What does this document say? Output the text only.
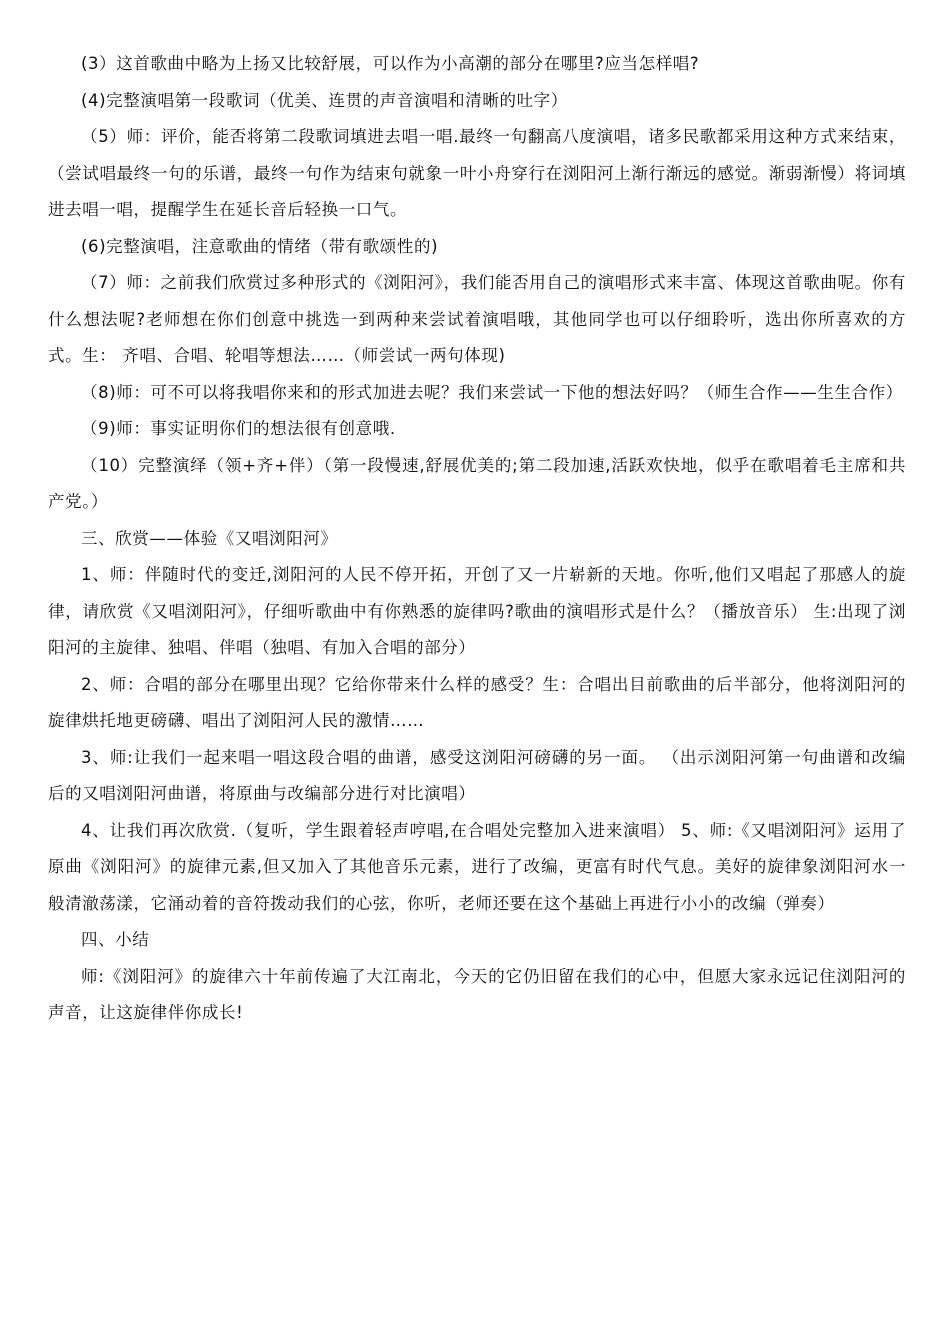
(3）这首歌曲中略为上扬又比较舒展，可以作为小高潮的部分在哪里?应当怎样唱?

(4)完整演唱第一段歌词（优美、连贯的声音演唱和清晰的吐字）

（5）师：评价，能否将第二段歌词填进去唱一唱.最终一句翻高八度演唱，诸多民歌都采用这种方式来结束，（尝试唱最终一句的乐谱，最终一句作为结束句就象一叶小舟穿行在浏阳河上渐行渐远的感觉。渐弱渐慢）将词填进去唱一唱，提醒学生在延长音后轻换一口气。

(6)完整演唱，注意歌曲的情绪（带有歌颂性的)

（7）师：之前我们欣赏过多种形式的《浏阳河》，我们能否用自己的演唱形式来丰富、体现这首歌曲呢。你有什么想法呢?老师想在你们创意中挑选一到两种来尝试着演唱哦，其他同学也可以仔细聆听，选出你所喜欢的方式。生： 齐唱、合唱、轮唱等想法……（师尝试一两句体现)

（8)师：可不可以将我唱你来和的形式加进去呢？我们来尝试一下他的想法好吗？（师生合作——生生合作）

（9)师：事实证明你们的想法很有创意哦.

（10）完整演绎（领+齐+伴）（第一段慢速,舒展优美的;第二段加速,活跃欢快地，似乎在歌唱着毛主席和共产党。）

三、欣赏——体验《又唱浏阳河》

1、师：伴随时代的变迁,浏阳河的人民不停开拓，开创了又一片崭新的天地。你听,他们又唱起了那感人的旋律，请欣赏《又唱浏阳河》，仔细听歌曲中有你熟悉的旋律吗?歌曲的演唱形式是什么？（播放音乐） 生:出现了浏阳河的主旋律、独唱、伴唱（独唱、有加入合唱的部分）

2、师：合唱的部分在哪里出现？它给你带来什么样的感受？生：合唱出目前歌曲的后半部分，他将浏阳河的旋律烘托地更磅礴、唱出了浏阳河人民的激情……

3、师:让我们一起来唱一唱这段合唱的曲谱，感受这浏阳河磅礴的另一面。 （出示浏阳河第一句曲谱和改编后的又唱浏阳河曲谱，将原曲与改编部分进行对比演唱）

4、让我们再次欣赏.（复听，学生跟着轻声哼唱,在合唱处完整加入进来演唱） 5、师:《又唱浏阳河》运用了原曲《浏阳河》的旋律元素,但又加入了其他音乐元素，进行了改编，更富有时代气息。美好的旋律象浏阳河水一般清澈荡漾，它涌动着的音符拨动我们的心弦，你听，老师还要在这个基础上再进行小小的改编（弹奏）

四、小结

师:《浏阳河》的旋律六十年前传遍了大江南北，今天的它仍旧留在我们的心中，但愿大家永远记住浏阳河的声音，让这旋律伴你成长!
